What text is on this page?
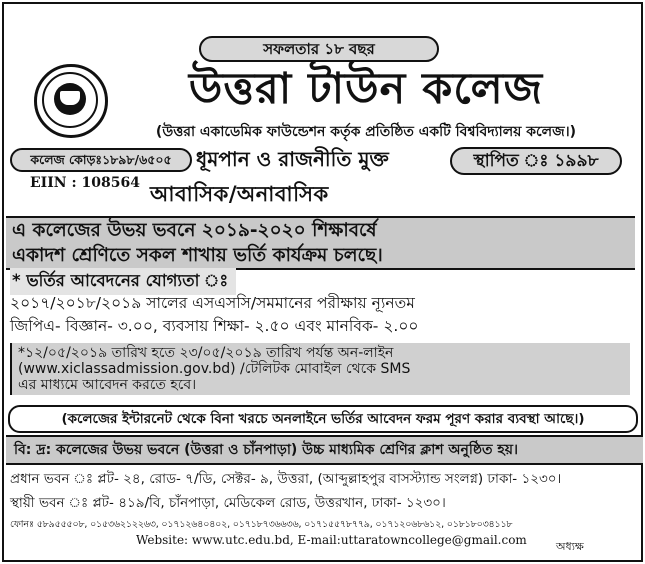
সফলতার ১৮ বছর
উত্তরা টাউন কলেজ
(উত্তরা একাডেমিক ফাউন্ডেশন কর্তৃক প্রতিষ্ঠিত একটি বিশ্ববিদ্যালয় কলেজ।)
কলেজ কোড়ঃ১৮৯৮/৬৫০৫	ধূমপান ও রাজনীতি মুক্ত	স্থাপিত ঃ ১৯৯৮
EIIN : 108564 আবাসিক/অনাবাসিক
এ কলেজের উভয় ভবনে ২০১৯-২০২০ শিক্ষাবর্ষে
একাদশ শ্রেণিতে সকল শাখায় ভর্তি কার্যক্রম চলছে।
* ভর্তির আবেদনের যোগ্যতা ঃ
২০১৭/২০১৮/২০১৯ সালের এসএসসি/সমমানের পরীক্ষায় ন্যূনতম
জিপিএ- বিজ্ঞান- ৩.০০, ব্যবসায় শিক্ষা- ২.৫০ এবং মানবিক- ২.০০
*১২/০৫/২০১৯ তারিখ হতে ২৩/০৫/২০১৯ তারিখ পর্যন্ত অন-লাইন
(www.xiclassadmission.gov.bd) /টেলিটক মোবাইল থেকে SMS
এর মাধ্যমে আবেদন করতে হবে।
(কলেজের ইন্টারনেট থেকে বিনা খরচে অনলাইনে ভর্তির আবেদন ফরম পূরণ করার ব্যবস্থা আছে।)
বি: দ্র: কলেজের উভয় ভবনে (উত্তরা ও চাঁনপাড়া) উচ্চ মাধ্যমিক শ্রেণির ক্লাশ অনুষ্ঠিত হয়।
প্রধান ভবন ঃ প্লট- ২৪, রোড- ৭/ডি, সেক্টর- ৯, উত্তরা, (আব্দুল্লাহপুর বাসস্ট্যান্ড সংলগ্ন) ঢাকা- ১২৩০।
স্থায়ী ভবন ঃ প্লট- ৪১৯/বি, চাঁনপাড়া, মেডিকেল রোড, উত্তরখান, ঢাকা- ১২৩০।
ফোনঃ ৫৮৯৫৫৫০৮, ০১৫৩৬২১২২৬৩, ০১৭১২৬৪০৪০২, ০১৭১৮৭৩৬৬৩৬, ০১৭১৫৫৭৮৭৭৯, ০১৭১২০৬৮৬১২, ০১৮১৮০৩৪১১৮
Website: www.utc.edu.bd, E-mail:uttaratowncollege@gmail.com	অধ্যক্ষ
